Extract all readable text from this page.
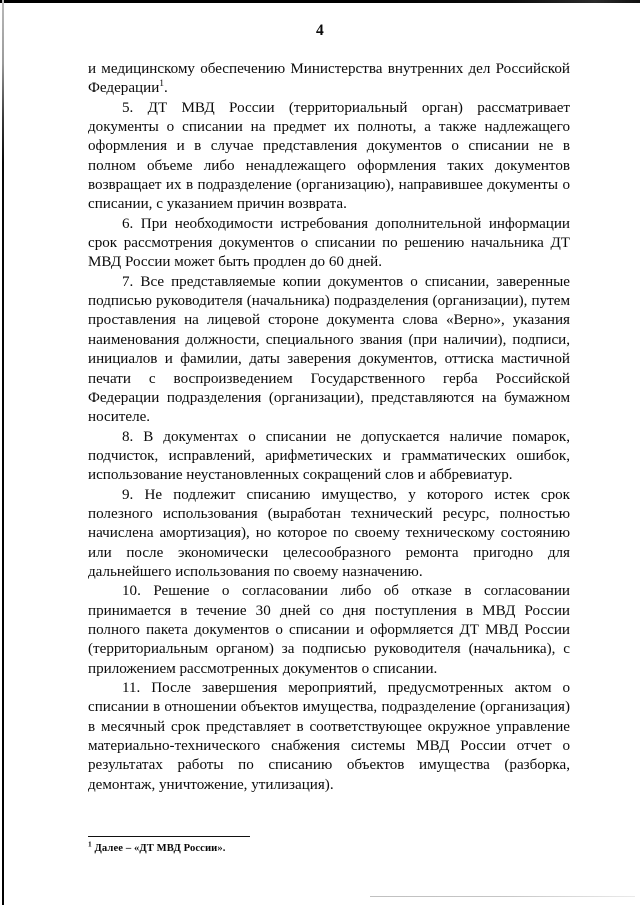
4

и медицинскому обеспечению Министерства внутренних дел Российской Федерации$^1$.

5. ДТ МВД России (территориальный орган) рассматривает документы о списании на предмет их полноты, а также надлежащего оформления и в случае представления документов о списании не в полном объеме либо ненадлежащего оформления таких документов возвращает их в подразделение (организацию), направившее документы о списании, с указанием причин возврата.

6. При необходимости истребования дополнительной информации срок рассмотрения документов о списании по решению начальника ДТ МВД России может быть продлен до 60 дней.

7. Все представляемые копии документов о списании, заверенные подписью руководителя (начальника) подразделения (организации), путем проставления на лицевой стороне документа слова «Верно», указания наименования должности, специального звания (при наличии), подписи, инициалов и фамилии, даты заверения документов, оттиска мастичной печати с воспроизведением Государственного герба Российской Федерации подразделения (организации), представляются на бумажном носителе.

8. В документах о списании не допускается наличие помарок, подчисток, исправлений, арифметических и грамматических ошибок, использование неустановленных сокращений слов и аббревиатур.

9. Не подлежит списанию имущество, у которого истек срок полезного использования (выработан технический ресурс, полностью начислена амортизация), но которое по своему техническому состоянию или после экономически целесообразного ремонта пригодно для дальнейшего использования по своему назначению.

10. Решение о согласовании либо об отказе в согласовании принимается в течение 30 дней со дня поступления в МВД России полного пакета документов о списании и оформляется ДТ МВД России (территориальным органом) за подписью руководителя (начальника), с приложением рассмотренных документов о списании.

11. После завершения мероприятий, предусмотренных актом о списании в отношении объектов имущества, подразделение (организация) в месячный срок представляет в соответствующее окружное управление материально-технического снабжения системы МВД России отчет о результатах работы по списанию объектов имущества (разборка, демонтаж, уничтожение, утилизация).

$^1$ Далее – «ДТ МВД России».
